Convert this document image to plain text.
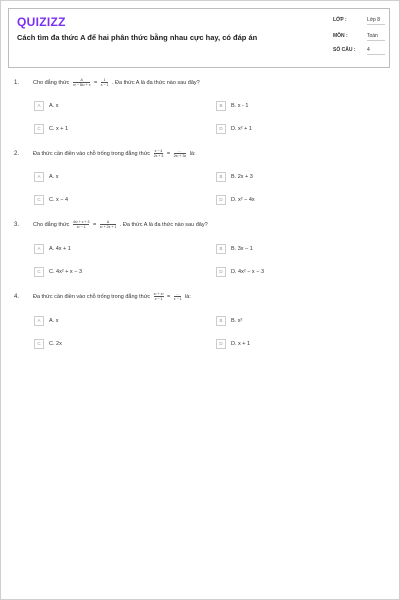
QUIZIZZ
Cách tìm đa thức A để hai phân thức bằng nhau cực hay, có đáp án
LỚP :	Lớp 8
MÔN :	Toán
SỐ CÂU : 4
1.	Cho đẳng thức $\frac{A}{\text{x³ − 8x² + x}} = \frac{1}{x - 1}$ . Đa thức A là đa thức nào sau đây?
A A. x	B B. x - 1
C C. x + 1	D D. x² + 1
2.	Đa thức cần điền vào chỗ trống trong đẳng thức $\frac{x - 4}{2x + 3} = \frac{...}{\text{2x² + 3x}}$ là:
A A. x	B B. 2x + 3
C C. x − 4	D D. x² − 4x
3.	Cho đẳng thức $\frac{\text{4x² + x + 3}}{\text{x² − 1}} = \frac{A}{\text{x² + 2x + 1}}$ . Đa thức A là đa thức nào sau đây?
A A. 4x + 1	B B. 3x − 1
C C. 4x² + x − 3	D D. 4x² − x − 3
4.	Đa thức cần điền vào chỗ trống trong đẳng thức $\frac{\text{x² + x²}}{x - 1} = \frac{...}{x - 1}$ là:
A A. x	B B. x²
C C. 2x	D D. x + 1
